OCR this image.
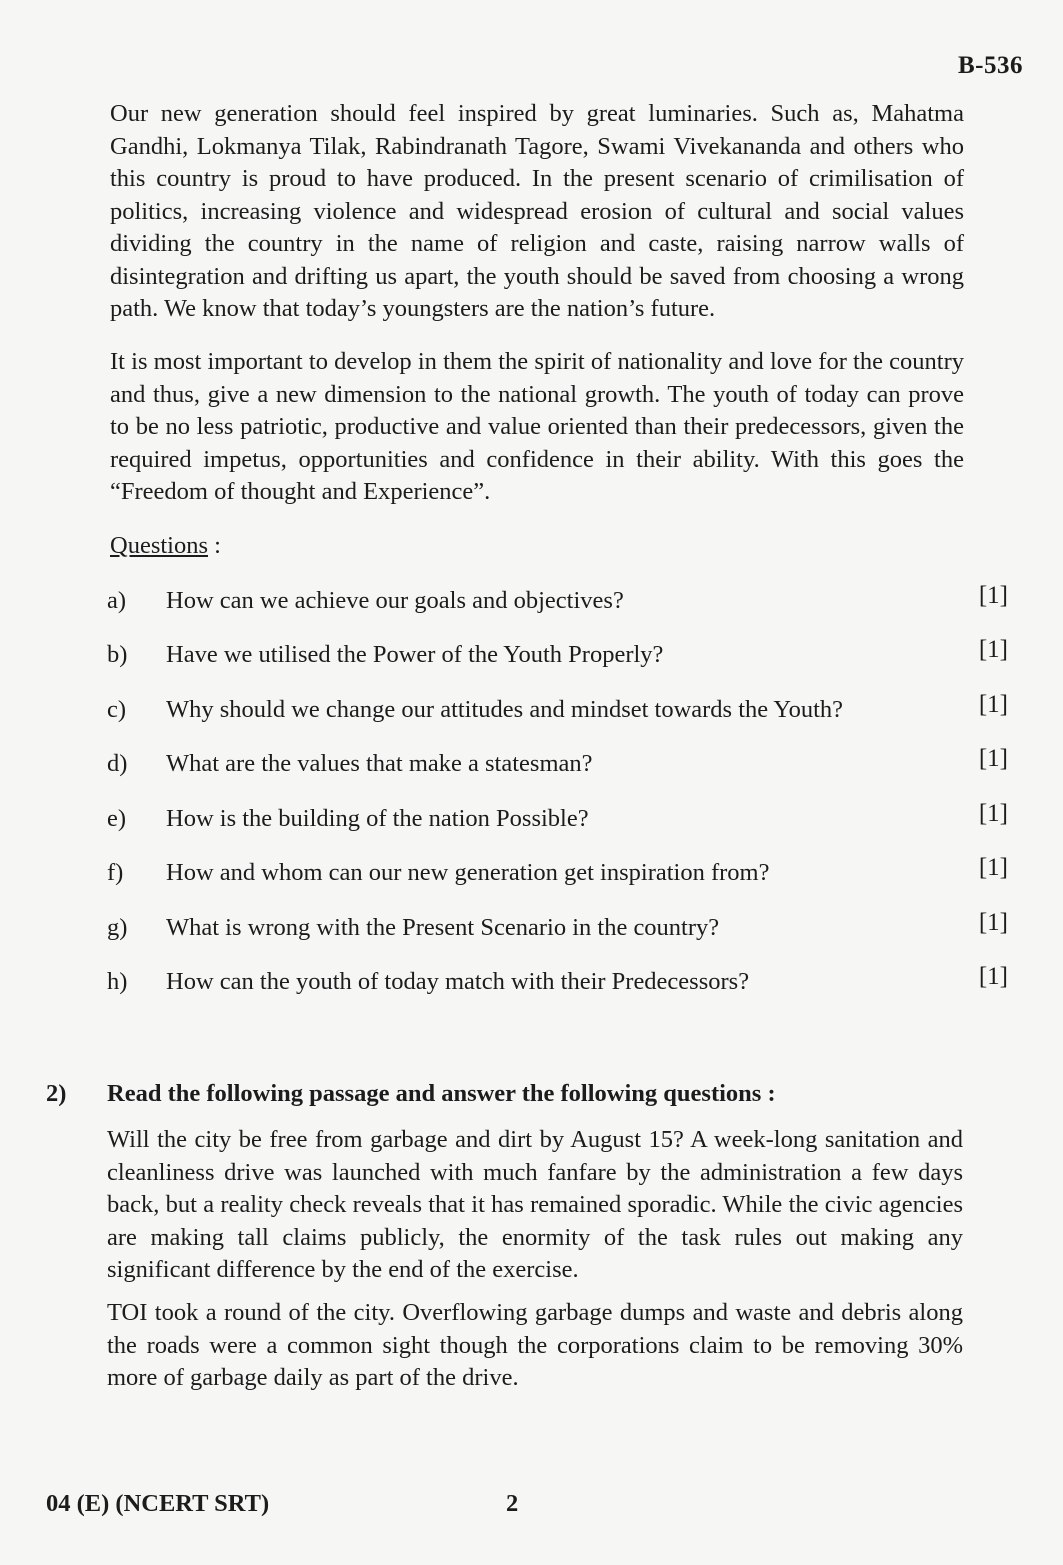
B-536

Our new generation should feel inspired by great luminaries. Such as, Mahatma Gandhi, Lokmanya Tilak, Rabindranath Tagore, Swami Vivekananda and others who this country is proud to have produced. In the present scenario of crimilisation of politics, increasing violence and widespread erosion of cultural and social values dividing the country in the name of religion and caste, raising narrow walls of disintegration and drifting us apart, the youth should be saved from choosing a wrong path. We know that today’s youngsters are the nation’s future.

It is most important to develop in them the spirit of nationality and love for the country and thus, give a new dimension to the national growth. The youth of today can prove to be no less patriotic, productive and value oriented than their predecessors, given the required impetus, opportunities and confidence in their ability. With this goes the “Freedom of thought and Experience”.

Questions :
a) How can we achieve our goals and objectives?	[1]
b) Have we utilised the Power of the Youth Properly?	[1]
c) Why should we change our attitudes and mindset towards the Youth?	[1]
d) What are the values that make a statesman?	[1]
e) How is the building of the nation Possible?	[1]
f) How and whom can our new generation get inspiration from?	[1]
g) What is wrong with the Present Scenario in the country?	[1]
h) How can the youth of today match with their Predecessors?	[1]
2) Read the following passage and answer the following questions :

Will the city be free from garbage and dirt by August 15? A week-long sanitation and cleanliness drive was launched with much fanfare by the administration a few days back, but a reality check reveals that it has remained sporadic. While the civic agencies are making tall claims publicly, the enormity of the task rules out making any significant difference by the end of the exercise.

TOI took a round of the city. Overflowing garbage dumps and waste and debris along the roads were a common sight though the corporations claim to be removing 30% more of garbage daily as part of the drive.

04 (E) (NCERT SRT)	2
